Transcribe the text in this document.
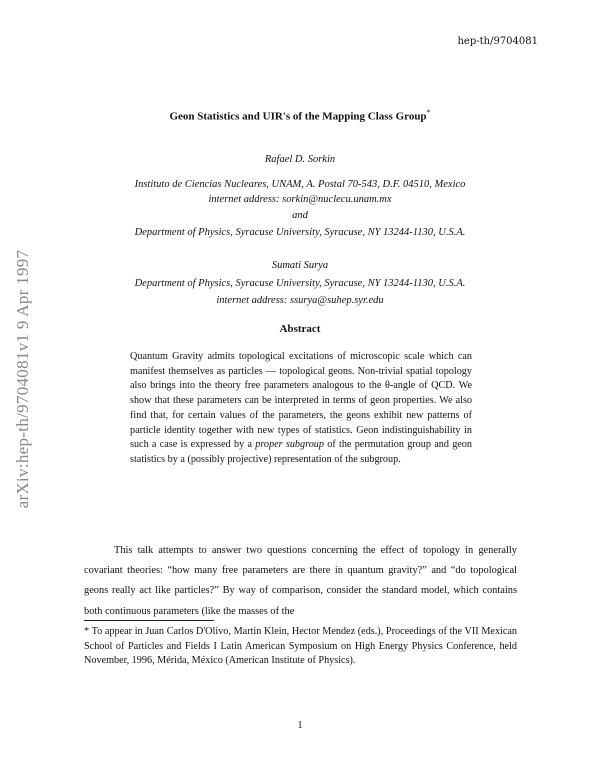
hep-th/9704081
Geon Statistics and UIR's of the Mapping Class Group*
Rafael D. Sorkin
Instituto de Ciencias Nucleares, UNAM, A. Postal 70-543, D.F. 04510, Mexico
internet address: sorkin@nuclecu.unam.mx
and
Department of Physics, Syracuse University, Syracuse, NY 13244-1130, U.S.A.
Sumati Surya
Department of Physics, Syracuse University, Syracuse, NY 13244-1130, U.S.A.
internet address: ssurya@suhep.syr.edu
arXiv:hep-th/9704081v1 9 Apr 1997	Abstract
Quantum Gravity admits topological excitations of microscopic scale which can manifest themselves as particles — topological geons. Non-trivial spatial topology also brings into the theory free parameters analogous to the θ-angle of QCD. We show that these parameters can be interpreted in terms of geon properties. We also find that, for certain values of the parameters, the geons exhibit new patterns of particle identity together with new types of statistics. Geon indistinguishability in such a case is expressed by a proper subgroup of the permutation group and geon statistics by a (possibly projective) representation of the subgroup.
This talk attempts to answer two questions concerning the effect of topology in generally covariant theories: “how many free parameters are there in quantum gravity?” and “do topological geons really act like particles?” By way of comparison, consider the standard model, which contains both continuous parameters (like the masses of the
* To appear in Juan Carlos D'Olivo, Martin Klein, Hector Mendez (eds.), Proceedings of the VII Mexican School of Particles and Fields I Latin American Symposium on High Energy Physics Conference, held November, 1996, Mérida, México (American Institute of Physics).
1
